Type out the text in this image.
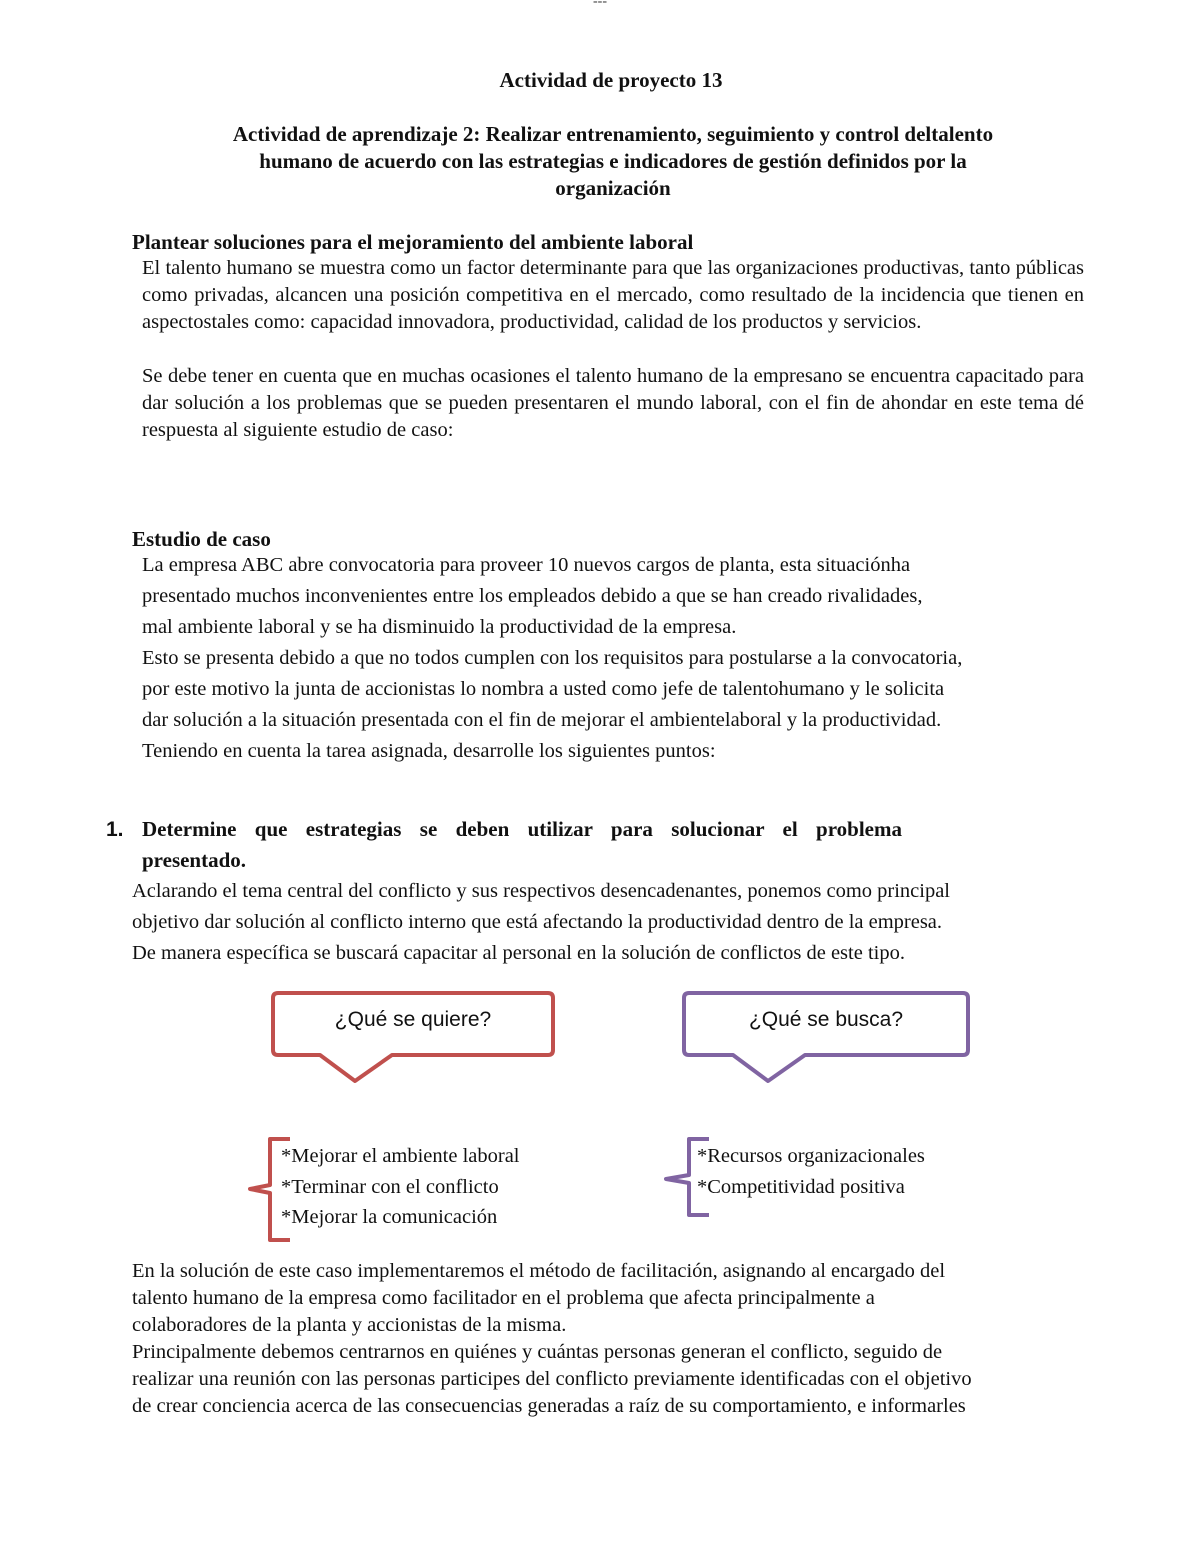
---
Actividad de proyecto 13
Actividad de aprendizaje 2: Realizar entrenamiento, seguimiento y control deltalento
humano de acuerdo con las estrategias e indicadores de gestión definidos por la
organización
Plantear soluciones para el mejoramiento del ambiente laboral

El talento humano se muestra como un factor determinante para que las organizaciones productivas, tanto públicas como privadas, alcancen una posición competitiva en el mercado, como resultado de la incidencia que tienen en aspectostales como: capacidad innovadora, productividad, calidad de los productos y servicios.

Se debe tener en cuenta que en muchas ocasiones el talento humano de la empresano se encuentra capacitado para dar solución a los problemas que se pueden presentaren el mundo laboral, con el fin de ahondar en este tema dé respuesta al siguiente estudio de caso:

Estudio de caso

La empresa ABC abre convocatoria para proveer 10 nuevos cargos de planta, esta situaciónha

presentado muchos inconvenientes entre los empleados debido a que se han creado rivalidades,

mal ambiente laboral y se ha disminuido la productividad de la empresa.

Esto se presenta debido a que no todos cumplen con los requisitos para postularse a la convocatoria,

por este motivo la junta de accionistas lo nombra a usted como jefe de talentohumano y le solicita

dar solución a la situación presentada con el fin de mejorar el ambientelaboral y la productividad.

Teniendo en cuenta la tarea asignada, desarrolle los siguientes puntos:

1. Determine que estrategias se deben utilizar para solucionar el problema
presentado.

Aclarando el tema central del conflicto y sus respectivos desencadenantes, ponemos como principal

objetivo dar solución al conflicto interno que está afectando la productividad dentro de la empresa.

De manera específica se buscará capacitar al personal en la solución de conflictos de este tipo.

¿Qué se quiere?	¿Qué se busca?
*Mejorar el ambiente laboral
*Terminar con el conflicto
*Mejorar la comunicación
*Recursos organizacionales
*Competitividad positiva

En la solución de este caso implementaremos el método de facilitación, asignando al encargado del

talento humano de la empresa como facilitador en el problema que afecta principalmente a

colaboradores de la planta y accionistas de la misma.

Principalmente debemos centrarnos en quiénes y cuántas personas generan el conflicto, seguido de

realizar una reunión con las personas participes del conflicto previamente identificadas con el objetivo

de crear conciencia acerca de las consecuencias generadas a raíz de su comportamiento, e informarles
